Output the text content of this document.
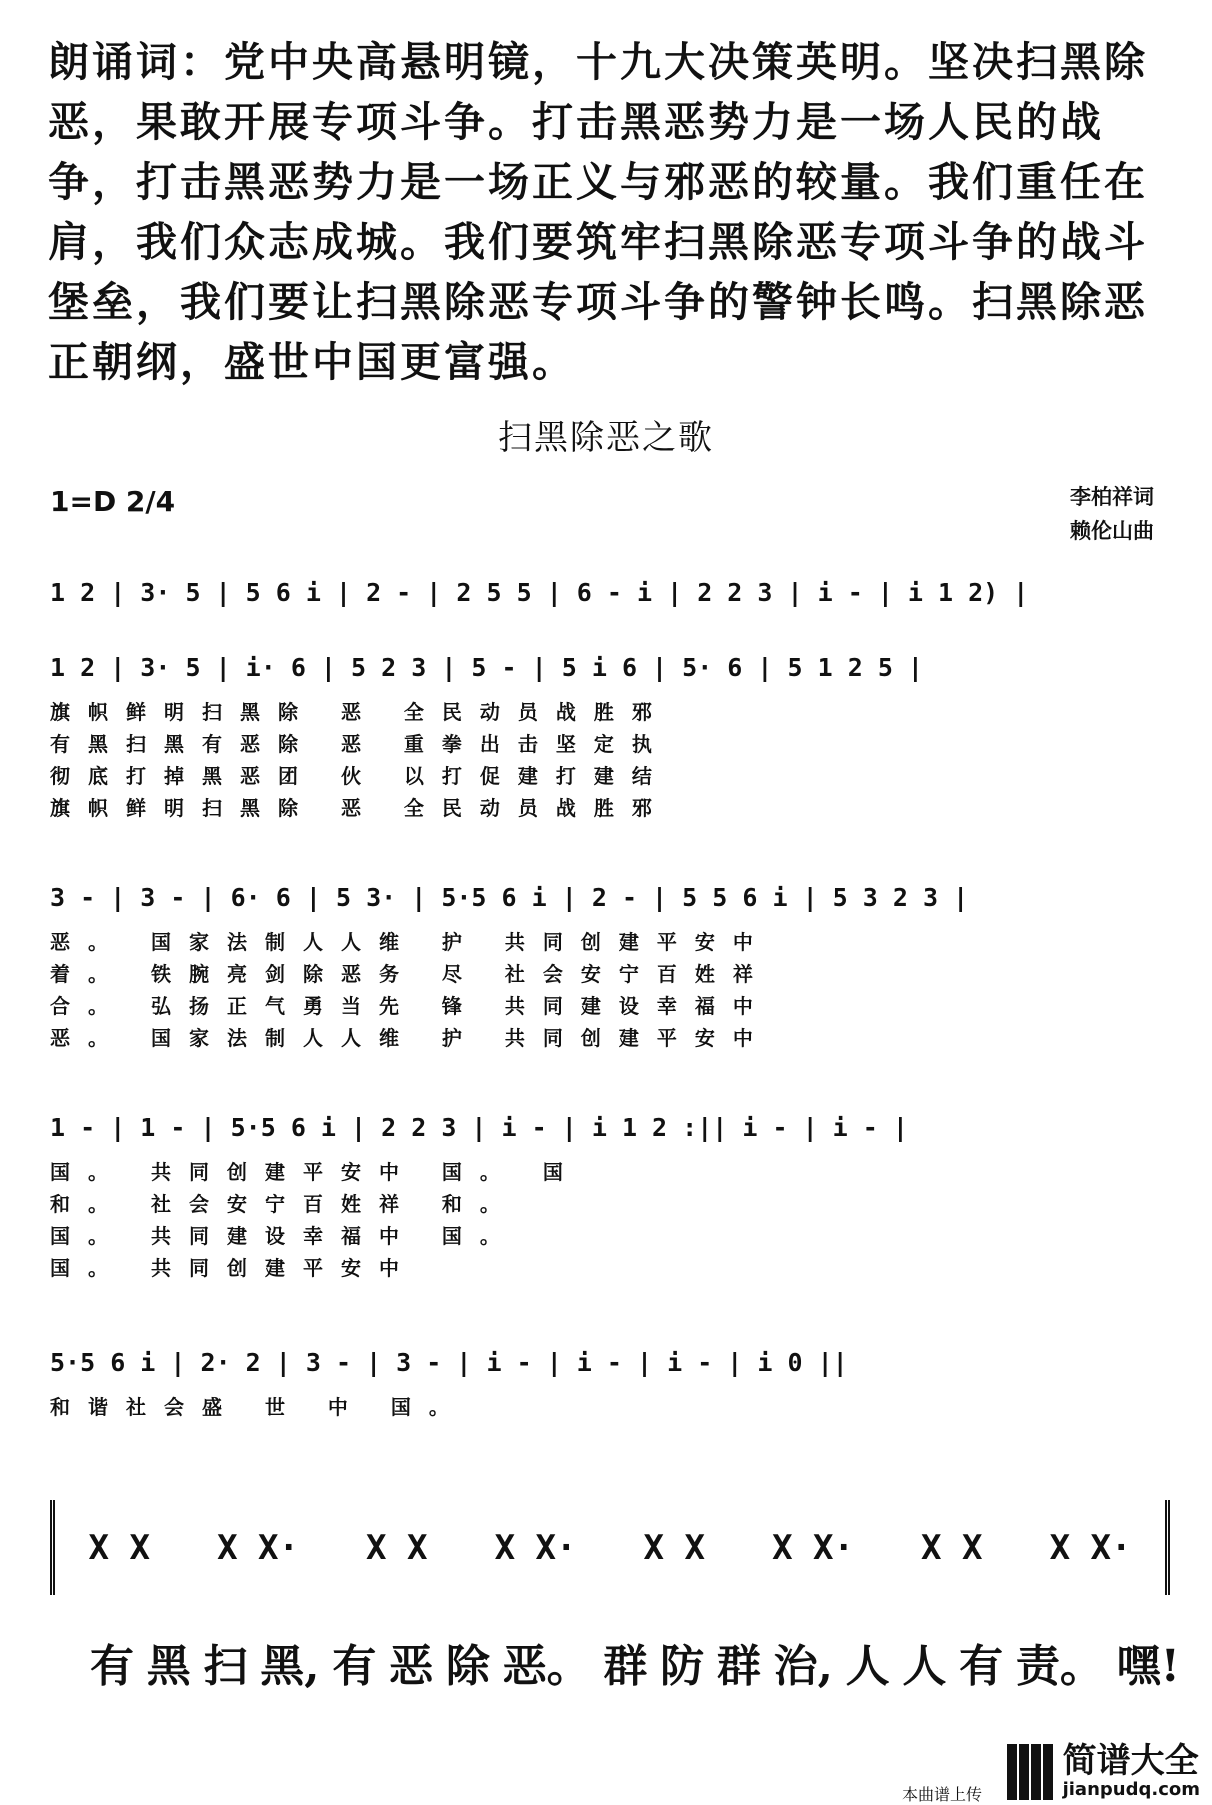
朗诵词：党中央高悬明镜，十九大决策英明。坚决扫黑除恶，果敢开展专项斗争。打击黑恶势力是一场人民的战争，打击黑恶势力是一场正义与邪恶的较量。我们重任在肩，我们众志成城。我们要筑牢扫黑除恶专项斗争的战斗堡垒，我们要让扫黑除恶专项斗争的警钟长鸣。扫黑除恶正朝纲，盛世中国更富强。
扫黑除恶之歌
1=D 2/4	李柏祥词
赖伦山曲
1 2 | 3· 5 | 5 6 i | 2 - | 2 5 5 | 6 - i | 2 2 3 | i - | i 1 2) |
1 2 | 3· 5 | i· 6 | 5 2 3 | 5 - | 5 i 6 | 5· 6 | 5 1 2 5 |
旗帜鲜明扫黑除 恶 全民动员战胜邪
有黑扫黑有恶除 恶 重拳出击坚定执
彻底打掉黑恶团 伙 以打促建打建结
旗帜鲜明扫黑除 恶 全民动员战胜邪
3 - | 3 - | 6· 6 | 5 3· | 5·5 6 i | 2 - | 5 5 6 i | 5 3 2 3 |
恶。 国家法制人人维 护 共同创建平安中
着。 铁腕亮剑除恶务 尽 社会安宁百姓祥
合。 弘扬正气勇当先 锋 共同建设幸福中
恶。 国家法制人人维 护 共同创建平安中
1 - | 1 - | 5·5 6 i | 2 2 3 | i - | i 1 2 :|| i - | i - |
国。 共同创建平安中 国。 国
和。 社会安宁百姓祥 和。
国。 共同建设幸福中 国。
国。 共同创建平安中
5·5 6 i | 2· 2 | 3 - | 3 - | i - | i - | i - | i 0 ||
和谐社会盛 世 中 国。
X X X X· X X X X· X X X X· X X X X·
有 黑 扫 黑, 有 恶 除 恶。 群 防 群 治, 人 人 有 责。 嘿!
本曲谱上传
简谱大全
jianpudq.com
